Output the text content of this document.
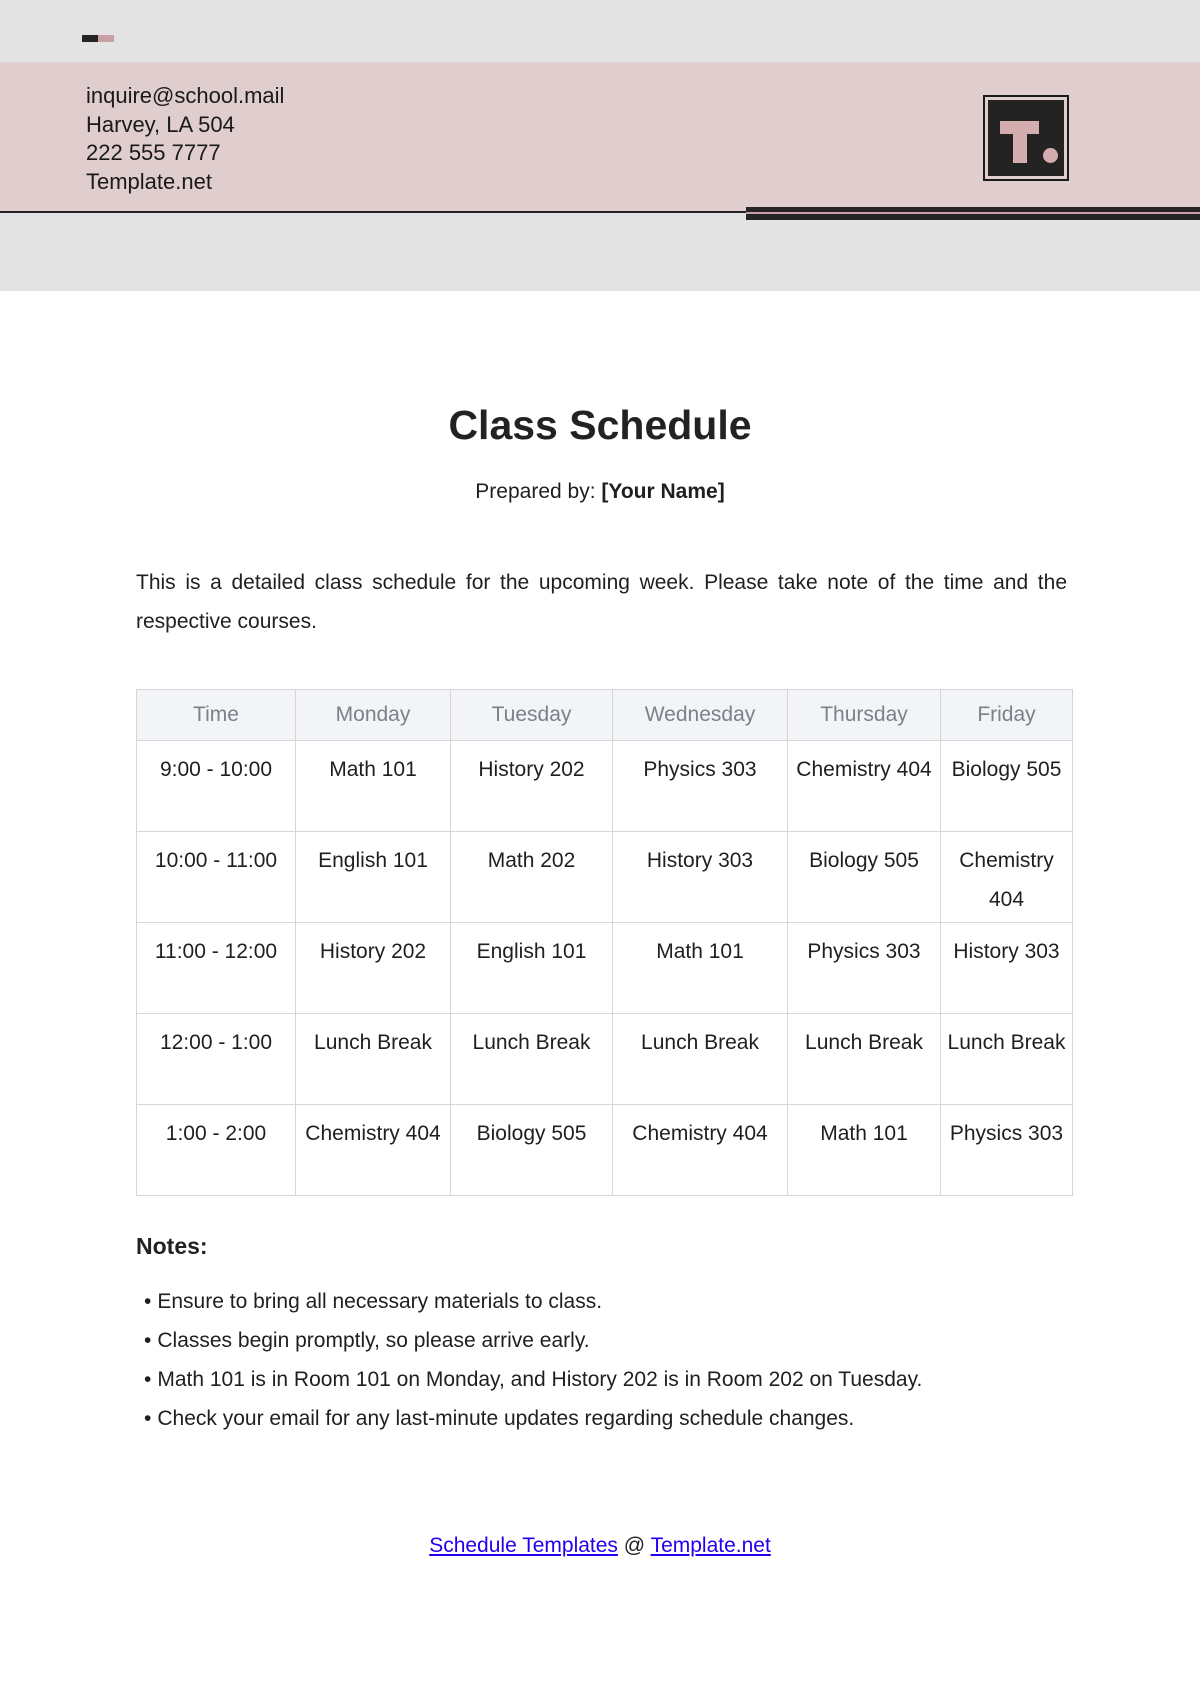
inquire@school.mail
Harvey, LA 504
222 555 7777
Template.net
Class Schedule
Prepared by: [Your Name]
This is a detailed class schedule for the upcoming week. Please take note of the time and the respective courses.
Time	Monday	Tuesday	Wednesday	Thursday	Friday
9:00 - 10:00	Math 101	History 202	Physics 303	Chemistry 404	Biology 505
10:00 - 11:00	English 101	Math 202	History 303	Biology 505	Chemistry 404
11:00 - 12:00	History 202	English 101	Math 101	Physics 303	History 303
12:00 - 1:00	Lunch Break	Lunch Break	Lunch Break	Lunch Break	Lunch Break
1:00 - 2:00	Chemistry 404	Biology 505	Chemistry 404	Math 101	Physics 303
Notes:
• Ensure to bring all necessary materials to class.
• Classes begin promptly, so please arrive early.
• Math 101 is in Room 101 on Monday, and History 202 is in Room 202 on Tuesday.
• Check your email for any last-minute updates regarding schedule changes.
Schedule Templates @ Template.net
